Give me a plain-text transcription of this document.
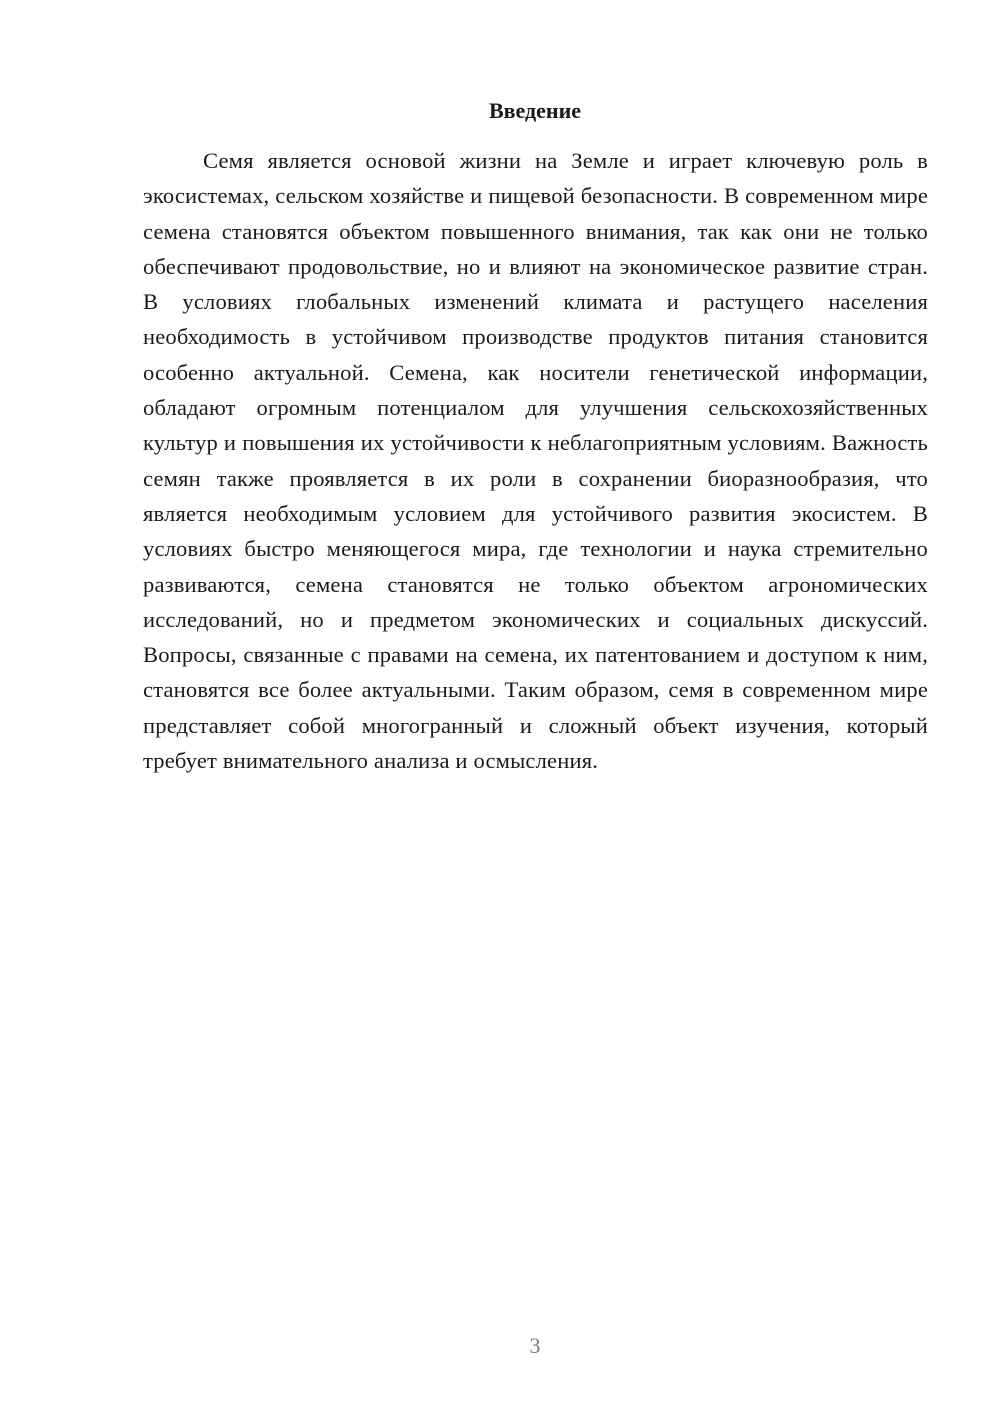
Введение

Семя является основой жизни на Земле и играет ключевую роль в экосистемах, сельском хозяйстве и пищевой безопасности. В современном мире семена становятся объектом повышенного внимания, так как они не только обеспечивают продовольствие, но и влияют на экономическое развитие стран. В условиях глобальных изменений климата и растущего населения необходимость в устойчивом производстве продуктов питания становится особенно актуальной. Семена, как носители генетической информации, обладают огромным потенциалом для улучшения сельскохозяйственных культур и повышения их устойчивости к неблагоприятным условиям. Важность семян также проявляется в их роли в сохранении биоразнообразия, что является необходимым условием для устойчивого развития экосистем. В условиях быстро меняющегося мира, где технологии и наука стремительно развиваются, семена становятся не только объектом агрономических исследований, но и предметом экономических и социальных дискуссий. Вопросы, связанные с правами на семена, их патентованием и доступом к ним, становятся все более актуальными. Таким образом, семя в современном мире представляет собой многогранный и сложный объект изучения, который требует внимательного анализа и осмысления.

3
